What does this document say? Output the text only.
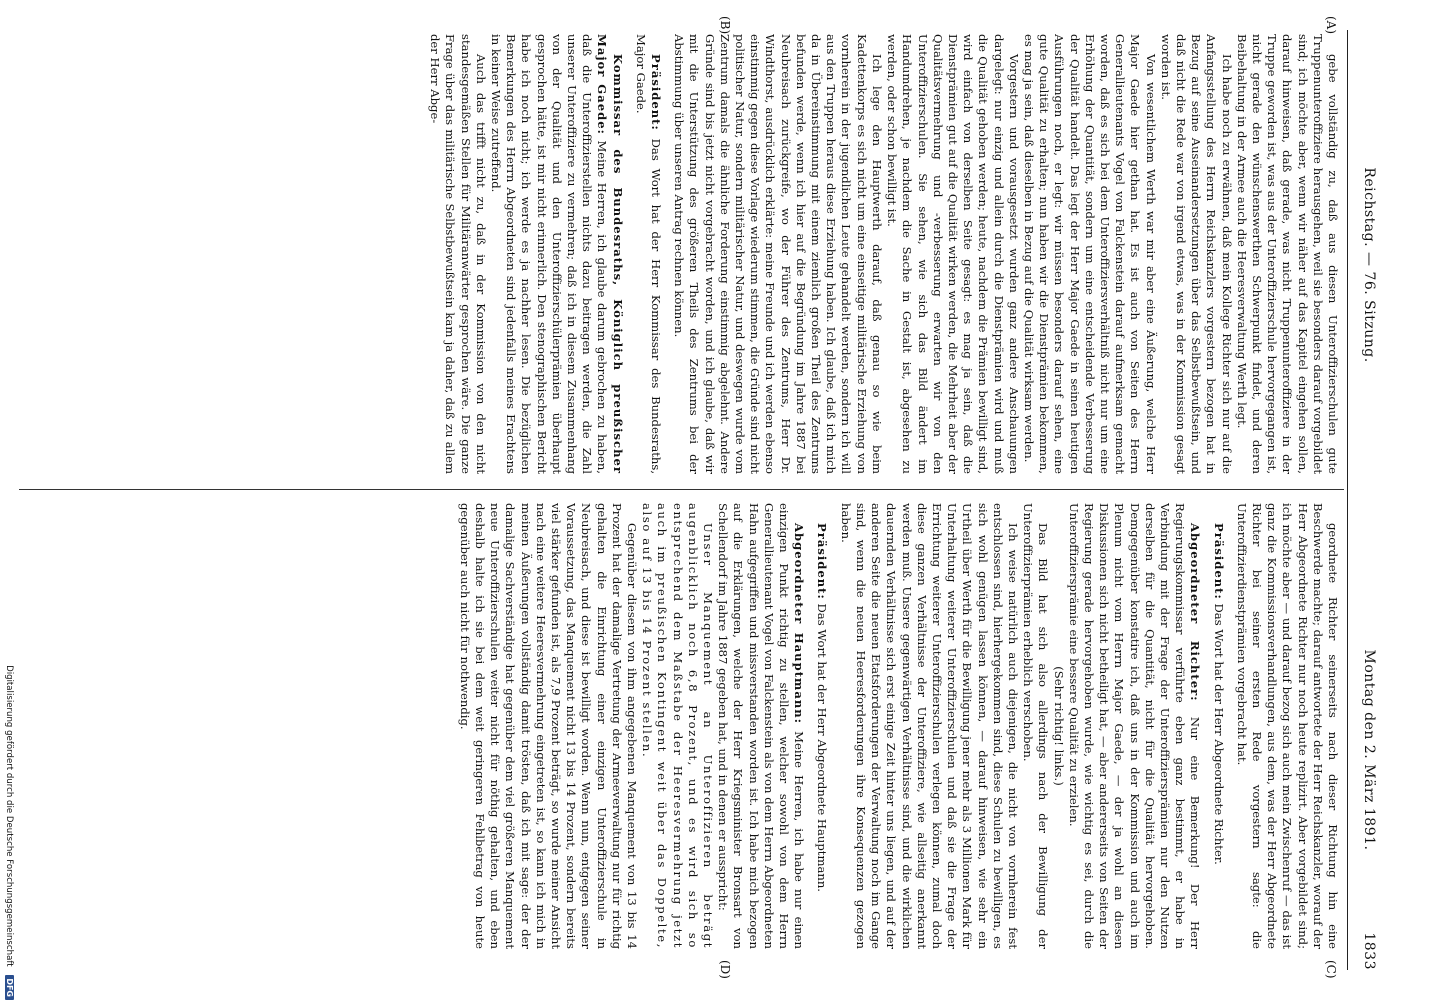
Reichstag. — 76. Sitzung.
Montag den 2. März 1891.
1833
(A)
(B)
(C)
(D)

gebe vollständig zu, daß aus diesen Unteroffizierschulen gute Truppenunteroffiziere herausgehen, weil sie besonders darauf vorgebildet sind; ich möchte aber, wenn wir näher auf das Kapitel eingehen sollen, darauf hinweisen, daß gerade, was nicht Truppenunteroffiziere in der Truppe geworden ist, was aus der Unteroffizierschule hervorgegangen ist, nicht gerade den wünschenswerthen Schwerpunkt findet, und deren Beibehaltung in der Armee auch die Heeresverwaltung Werth legt.

Ich habe noch zu erwähnen, daß mein Kollege Richter sich nur auf die Anfangsstellung des Herrn Reichskanzlers vorgestern bezogen hat in Bezug auf seine Auseinandersetzungen über das Selbstbewußtsein, und daß nicht die Rede war von irgend etwas, was in der Kommission gesagt worden ist.

Von wesentlichem Werth war mir aber eine Äußerung, welche Herr Major Gaede hier gethan hat. Es ist auch von Seiten des Herrn Generallieutenants Vogel von Falckenstein darauf aufmerksam gemacht worden, daß es sich bei dem Unteroffiziersverhältniß nicht nur um eine Erhöhung der Quantität, sondern um eine entscheidende Verbesserung der Qualität handelt. Das legt der Herr Major Gaede in seinen heutigen Ausführungen noch, er legt: wir müssen besonders darauf sehen, eine gute Qualität zu erhalten; nun haben wir die Dienstprämien bekommen, es mag ja sein, daß dieselben in Bezug auf die Qualität wirksam werden.

Vorgestern und vorausgesetzt wurden ganz andere Anschauungen dargelegt: nur einzig und allein durch die Dienstprämien wird und muß die Qualität gehoben werden; heute, nachdem die Prämien bewilligt sind, wird einfach von derselben Seite gesagt: es mag ja sein, daß die Dienstprämien gut auf die Qualität wirken werden, die Mehrheit aber der Qualitätsvermehrung und -verbesserung erwarten wir von den Unteroffizierschulen. Sie sehen, wie sich das Bild ändert im Handumdrehen, je nachdem die Sache in Gestalt ist, abgesehen zu werden, oder schon bewilligt ist.

Ich lege den Hauptwerth darauf, daß genau so wie beim Kadettenkorps es sich nicht um eine einseitige militärische Erziehung von vornherein in der jugendlichen Leute gehandelt werden, sondern ich will aus den Truppen heraus diese Erziehung haben. Ich glaube, daß ich mich da in Übereinstimmung mit einem ziemlich großen Theil des Zentrums befunden werde, wenn ich hier auf die Begründung im Jahre 1887 bei Neubreisach zurückgreife, wo der Führer des Zentrums, Herr Dr. Windthorst, ausdrücklich erklärte: meine Freunde und ich werden ebenso einstimmig gegen diese Vorlage wiederum stimmen, die Gründe sind nicht politischer Natur, sondern militärischer Natur, und deswegen wurde vom Zentrum damals die ähnliche Forderung einstimmig abgelehnt. Andere Gründe sind bis jetzt nicht vorgebracht worden, und ich glaube, daß wir mit die Unterstützung des größeren Theils des Zentrums bei der Abstimmung über unseren Antrag rechnen können.

Präsident: Das Wort hat der Herr Kommissar des Bundesraths, Major Gaede.

Kommissar des Bundesraths, Königlich preußischer Major Gaede: Meine Herren, ich glaube darum gebrochen zu haben, daß die Unteroffizierstellen nichts dazu beitragen werden, die Zahl unserer Unteroffiziere zu vermehren; daß ich in diesem Zusammenhang von der Qualität und den Unteroffizierschülerprämien überhaupt gesprochen hätte, ist mir nicht erinnerlich. Den stenographischen Bericht habe ich noch nicht; ich werde es ja nachher lesen. Die bezüglichen Bemerkungen des Herrn Abgeordneten sind jedenfalls meines Erachtens in keiner Weise zutreffend.

Auch das trifft nicht zu, daß in der Kommission von den nicht standesgemäßen Stellen für Militäranwärter gesprochen wäre. Die ganze Frage über das militärische Selbstbewußtsein kam ja daher, daß zu allem der Herr Abge-

geordnete Richter seinerseits nach dieser Richtung hin eine Beschwerde machte; darauf antwortete der Herr Reichskanzler, worauf der Herr Abgeordnete Richter nur noch heute replizirt. Aber vorgebildet sind; ich möchte aber — und darauf bezog sich auch mein Zwischenruf — das ist ganz die Kommissionsverhandlungen, aus dem, was der Herr Abgeordnete Richter bei seiner ersten Rede vorgestern sagte: die Unteroffizierdienstprämien vorgebracht hat.

Präsident: Das Wort hat der Herr Abgeordnete Richter.

Abgeordneter Richter: Nur eine Bemerkung! Der Herr Regierungskommissar verführte eben ganz bestimmt, er habe in Verbindung mit der Frage der Unteroffiziersprämien nur den Nutzen derselben für die Quantität, nicht für die Qualität hervorgehoben. Demgegenüber konstatire ich, daß uns in der Kommission und auch im Plenum nicht vom Herrn Major Gaede, — der ja wohl an diesen Diskussionen sich nicht betheiligt hat, — aber andererseits von Seiten der Regierung gerade hervorgehoben wurde, wie wichtig es sei, durch die Unteroffiziersprämie eine bessere Qualität zu erzielen.

(Sehr richtig! links.)

Das Bild hat sich also allerdings nach der Bewilligung der Unteroffizierprämien erheblich verschoben.

Ich weise natürlich auch diejenigen, die nicht von vornherein fest entschlossen sind, hierhergekommen sind, diese Schulen zu bewilligen, es sich wohl genügen lassen können, — darauf hinweisen, wie sehr ein Urtheil über Werth für die Bewilligung jener mehr als 3 Millionen Mark für Unterhaltung weiterer Unteroffizierschulen und daß sie die Frage der Errichtung weiterer Unteroffizierschulen verlegen können, zumal doch diese ganzen Verhältnisse der Unteroffiziere, wie allseitig anerkannt werden muß. Unsere gegenwärtigen Verhältnisse sind, und die wirklichen dauernden Verhältnisse sich erst einige Zeit hinter uns liegen, und auf der anderen Seite die neuen Etatsforderungen der Verwaltung noch im Gange sind, wenn die neuen Heeresforderungen ihre Konsequenzen gezogen haben.

Präsident: Das Wort hat der Herr Abgeordnete Hauptmann.

Abgeordneter Hauptmann: Meine Herren, ich habe nur einen einzigen Punkt richtig zu stellen, welcher sowohl von dem Herrn Generallieutenant Vogel von Falckenstein als von dem Herrn Abgeordneten Hahn aufgegriffen und missverstanden worden ist. Ich habe mich bezogen auf die Erklärungen, welche der Herr Kriegsminister Bronsart von Schellendorf im Jahre 1887 gegeben hat, und in denen er ausspricht:

Unser Manquement an Unteroffizieren beträgt augenblicklich noch 6,8 Prozent, und es wird sich so entsprechend dem Maßstabe der Heeresvermehrung jetzt auch im preußischen Kontingent weit über das Doppelte, also auf 13 bis 14 Prozent stellen.

Gegenüber diesem von ihm angegebenen Manquement von 13 bis 14 Prozent hat der damalige Vertretung der Armeeverwaltung nur für richtig gehalten die Einrichtung einer einzigen Unteroffizierschule in Neubreisach, und diese ist bewilligt worden. Wenn nun, entgegen seiner Voraussetzung, das Manquement nicht 13 bis 14 Prozent, sondern bereits viel stärker gefunden ist, als 7,9 Prozent beträgt, so wurde meiner Ansicht nach eine weitere Heeresvermehrung eingetreten ist, so kann ich mich in meinen Äußerungen vollständig damit trösten, daß ich mit sage: der der damalige Sachverständige hat gegenüber dem viel größeren Manquement neue Unteroffizierschulen weiter nicht für nöthig gehalten, und eben deshalb halte ich sie bei dem weit geringeren Fehlbetrag von heute gegenüber auch nicht für nothwendig.

Digitalisierung gefördert durch die Deutsche Forschungsgemeinschaft DFG
